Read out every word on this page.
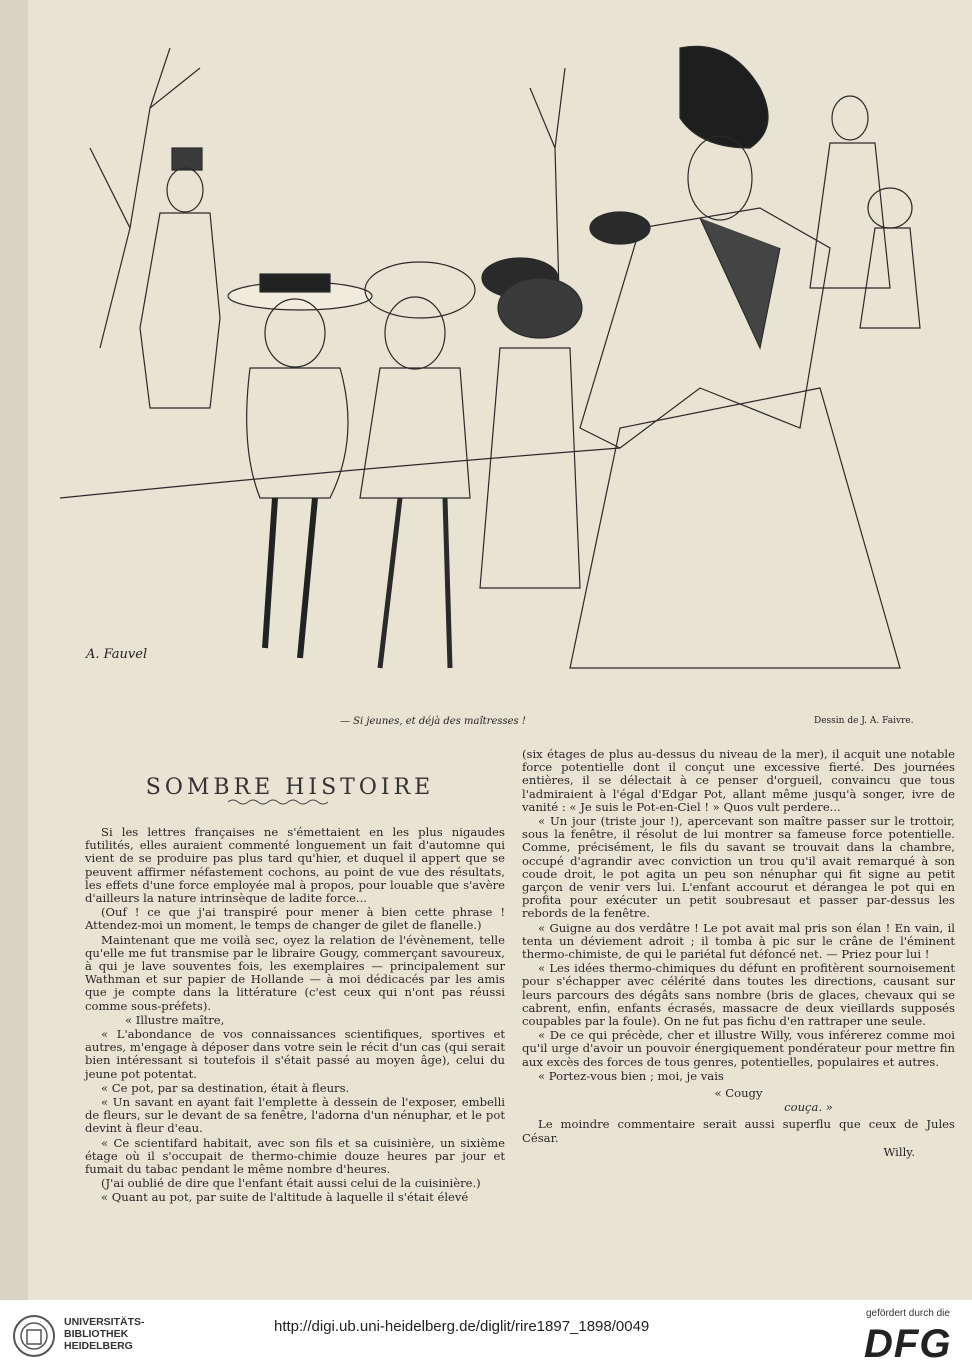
A. Fauvel
— Si jeunes, et déjà des maîtresses !	Dessin de J. A. Faivre.
SOMBRE HISTOIRE

Si les lettres françaises ne s'émettaient en les plus nigaudes futilités, elles auraient commenté longuement un fait d'automne qui vient de se produire pas plus tard qu'hier, et duquel il appert que se peuvent affirmer néfastement cochons, au point de vue des résultats, les effets d'une force employée mal à propos, pour louable que s'avère d'ailleurs la nature intrinsèque de ladite force...

(Ouf ! ce que j'ai transpiré pour mener à bien cette phrase ! Attendez-moi un moment, le temps de changer de gilet de flanelle.)

Maintenant que me voilà sec, oyez la relation de l'évènement, telle qu'elle me fut transmise par le libraire Gougy, commerçant savoureux, à qui je lave souventes fois, les exemplaires — principalement sur Wathman et sur papier de Hollande — à moi dédicacés par les amis que je compte dans la littérature (c'est ceux qui n'ont pas réussi comme sous-préfets).

« Illustre maître,

« L'abondance de vos connaissances scientifiques, sportives et autres, m'engage à déposer dans votre sein le récit d'un cas (qui serait bien intéressant si toutefois il s'était passé au moyen âge), celui du jeune pot potentat.

« Ce pot, par sa destination, était à fleurs.

« Un savant en ayant fait l'emplette à dessein de l'exposer, embelli de fleurs, sur le devant de sa fenêtre, l'adorna d'un nénuphar, et le pot devint à fleur d'eau.

« Ce scientifard habitait, avec son fils et sa cuisinière, un sixième étage où il s'occupait de thermo-chimie douze heures par jour et fumait du tabac pendant le même nombre d'heures.

(J'ai oublié de dire que l'enfant était aussi celui de la cuisinière.)

« Quant au pot, par suite de l'altitude à laquelle il s'était élevé

(six étages de plus au-dessus du niveau de la mer), il acquit une notable force potentielle dont il conçut une excessive fierté. Des journées entières, il se délectait à ce penser d'orgueil, convaincu que tous l'admiraient à l'égal d'Edgar Pot, allant même jusqu'à songer, ivre de vanité : « Je suis le Pot-en-Ciel ! » Quos vult perdere...

« Un jour (triste jour !), apercevant son maître passer sur le trottoir, sous la fenêtre, il résolut de lui montrer sa fameuse force potentielle. Comme, précisément, le fils du savant se trouvait dans la chambre, occupé d'agrandir avec conviction un trou qu'il avait remarqué à son coude droit, le pot agita un peu son nénuphar qui fit signe au petit garçon de venir vers lui. L'enfant accourut et dérangea le pot qui en profita pour exécuter un petit soubresaut et passer par-dessus les rebords de la fenêtre.

« Guigne au dos verdâtre ! Le pot avait mal pris son élan ! En vain, il tenta un déviement adroit ; il tomba à pic sur le crâne de l'éminent thermo-chimiste, de qui le pariétal fut défoncé net. — Priez pour lui !

« Les idées thermo-chimiques du défunt en profitèrent sournoisement pour s'échapper avec célérité dans toutes les directions, causant sur leurs parcours des dégâts sans nombre (bris de glaces, chevaux qui se cabrent, enfin, enfants écrasés, massacre de deux vieillards supposés coupables par la foule). On ne fut pas fichu d'en rattraper une seule.

« De ce qui précède, cher et illustre Willy, vous inférerez comme moi qu'il urge d'avoir un pouvoir énergiquement pondérateur pour mettre fin aux excès des forces de tous genres, potentielles, populaires et autres.

« Portez-vous bien ; moi, je vais

« Cougy

couça. »

Le moindre commentaire serait aussi superflu que ceux de Jules César.

Willy.

UNIVERSITÄTS-
BIBLIOTHEK
HEIDELBERG
http://digi.ub.uni-heidelberg.de/diglit/rire1897_1898/0049
gefördert durch die
DFG
